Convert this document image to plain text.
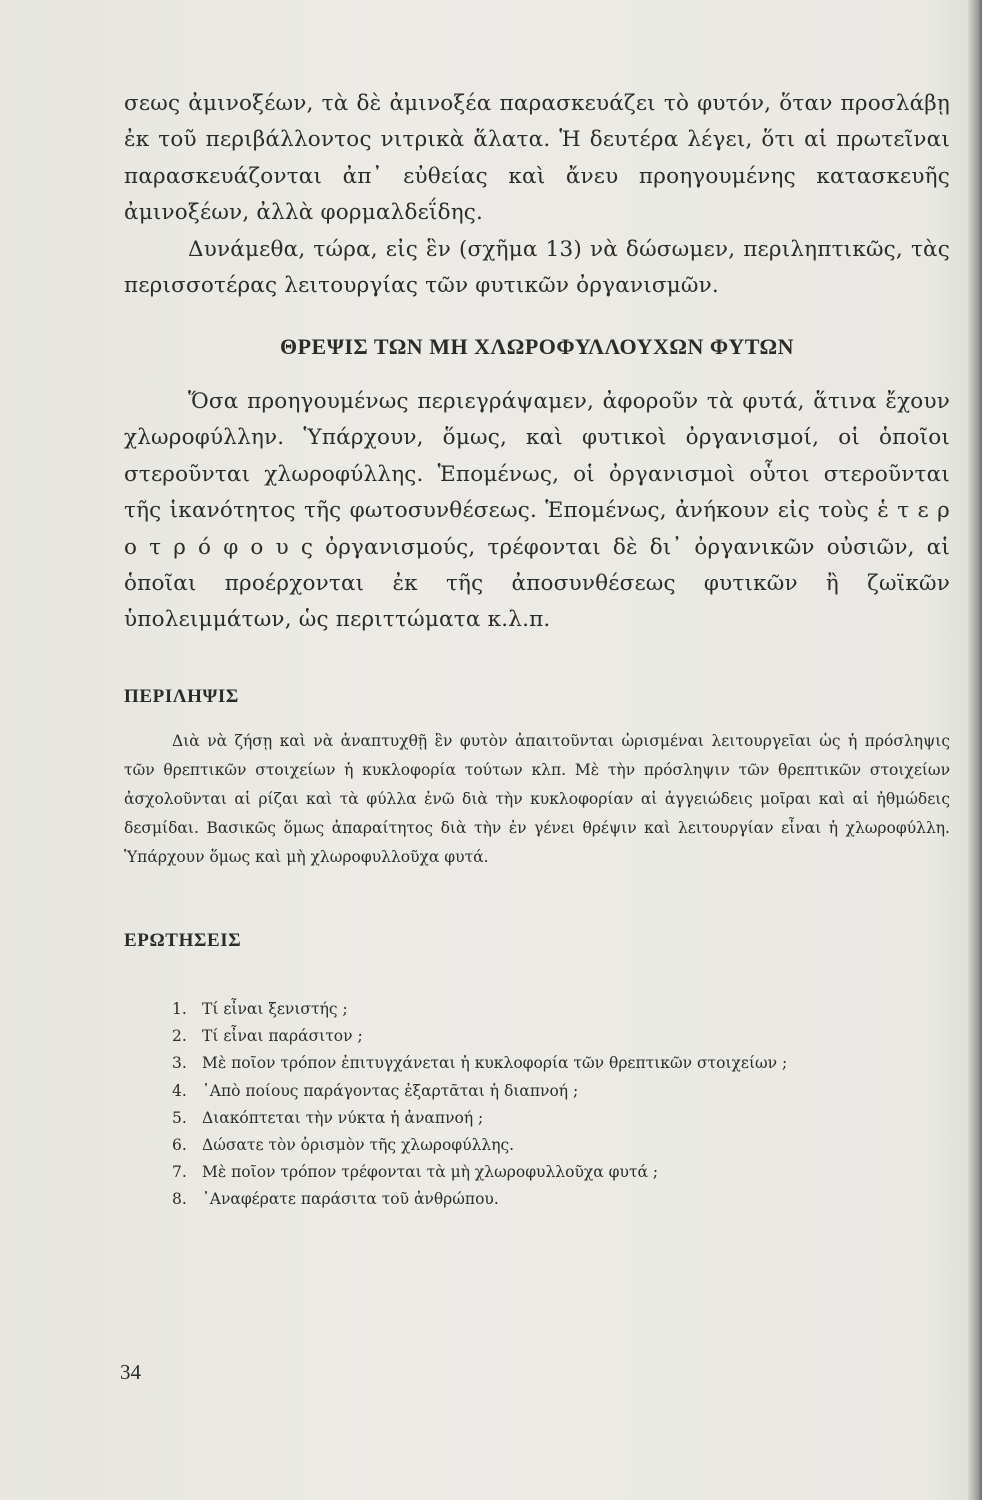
σεως ἀμινοξέων, τὰ δὲ ἀμινοξέα παρασκευάζει τὸ φυτόν, ὅταν προσλάβῃ ἐκ τοῦ περιβάλλοντος νιτρικὰ ἅλατα. Ἡ δευτέρα λέγει, ὅτι αἱ πρωτεῖναι παρασκευάζονται ἀπ᾽ εὐθείας καὶ ἄνευ προηγουμένης κατασκευῆς ἀμινοξέων, ἀλλὰ φορμαλδεΐδης.

Δυνάμεθα, τώρα, εἰς ἓν (σχῆμα 13) νὰ δώσωμεν, περιληπτικῶς, τὰς περισσοτέρας λειτουργίας τῶν φυτικῶν ὀργανισμῶν.

ΘΡΕΨΙΣ ΤΩΝ ΜΗ ΧΛΩΡΟΦΥΛΛΟΥΧΩΝ ΦΥΤΩΝ

Ὅσα προηγουμένως περιεγράψαμεν, ἀφοροῦν τὰ φυτά, ἅτινα ἔχουν χλωροφύλλην. Ὑπάρχουν, ὅμως, καὶ φυτικοὶ ὀργανισμοί, οἱ ὁποῖοι στεροῦνται χλωροφύλλης. Ἑπομένως, οἱ ὀργανισμοὶ οὗτοι στεροῦνται τῆς ἱκανότητος τῆς φωτοσυνθέσεως. Ἑπομένως, ἀνήκουν εἰς τοὺς ἑ τ ε ρ ο τ ρ ό φ ο υ ς ὀργανισμούς, τρέφονται δὲ δι᾽ ὀργανικῶν οὐσιῶν, αἱ ὁποῖαι προέρχονται ἐκ τῆς ἀποσυνθέσεως φυτικῶν ἢ ζωϊκῶν ὑπολειμμάτων, ὡς περιττώματα κ.λ.π.

ΠΕΡΙΛΗΨΙΣ

Διὰ νὰ ζήσῃ καὶ νὰ ἀναπτυχθῇ ἓν φυτὸν ἀπαιτοῦνται ὡρισμέναι λειτουργεῖαι ὡς ἡ πρόσληψις τῶν θρεπτικῶν στοιχείων ἡ κυκλοφορία τούτων κλπ. Μὲ τὴν πρόσληψιν τῶν θρεπτικῶν στοιχείων ἀσχολοῦνται αἱ ρίζαι καὶ τὰ φύλλα ἐνῶ διὰ τὴν κυκλοφορίαν αἱ ἀγγειώδεις μοῖραι καὶ αἱ ἠθμώδεις δεσμίδαι. Βασικῶς ὅμως ἀπαραίτητος διὰ τὴν ἐν γένει θρέψιν καὶ λειτουργίαν εἶναι ἡ χλωροφύλλη. Ὑπάρχουν ὅμως καὶ μὴ χλωροφυλλοῦχα φυτά.

ΕΡΩΤΗΣΕΙΣ
1. Τί εἶναι ξενιστής ;
2. Τί εἶναι παράσιτον ;
3. Μὲ ποῖον τρόπον ἐπιτυγχάνεται ἡ κυκλοφορία τῶν θρεπτικῶν στοιχείων ;
4. ᾽Απὸ ποίους παράγοντας ἐξαρτᾶται ἡ διαπνοή ;
5. Διακόπτεται τὴν νύκτα ἡ ἀναπνοή ;
6. Δώσατε τὸν ὁρισμὸν τῆς χλωροφύλλης.
7. Μὲ ποῖον τρόπον τρέφονται τὰ μὴ χλωροφυλλοῦχα φυτά ;
8. ᾽Αναφέρατε παράσιτα τοῦ ἀνθρώπου.

34
